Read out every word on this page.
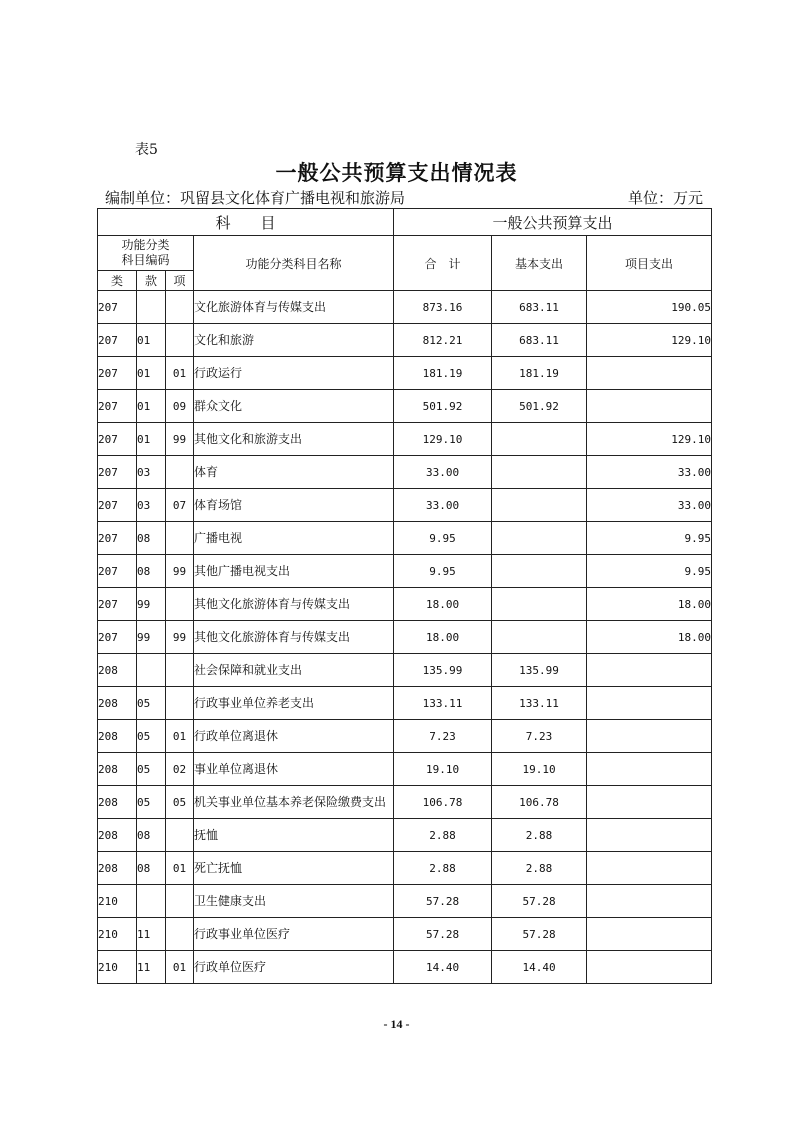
表5
一般公共预算支出情况表
编制单位：巩留县文化体育广播电视和旅游局	单位：万元
科　　目				一般公共预算支出		
功能分类
科目编码			功能分类科目名称	合　计	基本支出	项目支出
类	款	项				
207			文化旅游体育与传媒支出	873.16	683.11	190.05
207	01		文化和旅游	812.21	683.11	129.10
207	01	01	行政运行	181.19	181.19	
207	01	09	群众文化	501.92	501.92	
207	01	99	其他文化和旅游支出	129.10		129.10
207	03		体育	33.00		33.00
207	03	07	体育场馆	33.00		33.00
207	08		广播电视	9.95		9.95
207	08	99	其他广播电视支出	9.95		9.95
207	99		其他文化旅游体育与传媒支出	18.00		18.00
207	99	99	其他文化旅游体育与传媒支出	18.00		18.00
208			社会保障和就业支出	135.99	135.99	
208	05		行政事业单位养老支出	133.11	133.11	
208	05	01	行政单位离退休	7.23	7.23	
208	05	02	事业单位离退休	19.10	19.10	
208	05	05	机关事业单位基本养老保险缴费支出	106.78	106.78	
208	08		抚恤	2.88	2.88	
208	08	01	死亡抚恤	2.88	2.88	
210			卫生健康支出	57.28	57.28	
210	11		行政事业单位医疗	57.28	57.28	
210	11	01	行政单位医疗	14.40	14.40	
- 14 -
